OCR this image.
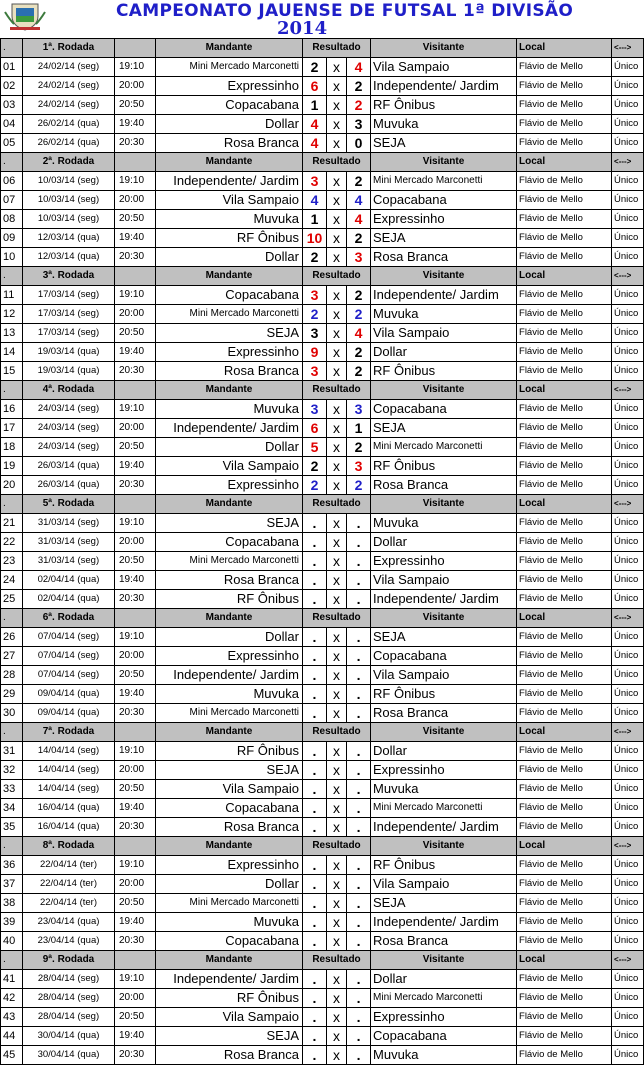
CAMPEONATO JAUENSE DE FUTSAL 1ª DIVISÃO
2014
.	1ª. Rodada		Mandante	Resultado			Visitante	Local	<--->
01	24/02/14 (seg)	19:10	Mini Mercado Marconetti	2	x	4	Vila Sampaio	Flávio de Mello	Único
02	24/02/14 (seg)	20:00	Expressinho	6	x	2	Independente/ Jardim	Flávio de Mello	Único
03	24/02/14 (seg)	20:50	Copacabana	1	x	2	RF Ônibus	Flávio de Mello	Único
04	26/02/14 (qua)	19:40	Dollar	4	x	3	Muvuka	Flávio de Mello	Único
05	26/02/14 (qua)	20:30	Rosa Branca	4	x	0	SEJA	Flávio de Mello	Único
.	2ª. Rodada		Mandante	Resultado			Visitante	Local	<--->
06	10/03/14 (seg)	19:10	Independente/ Jardim	3	x	2	Mini Mercado Marconetti	Flávio de Mello	Único
07	10/03/14 (seg)	20:00	Vila Sampaio	4	x	4	Copacabana	Flávio de Mello	Único
08	10/03/14 (seg)	20:50	Muvuka	1	x	4	Expressinho	Flávio de Mello	Único
09	12/03/14 (qua)	19:40	RF Ônibus	10	x	2	SEJA	Flávio de Mello	Único
10	12/03/14 (qua)	20:30	Dollar	2	x	3	Rosa Branca	Flávio de Mello	Único
.	3ª. Rodada		Mandante	Resultado			Visitante	Local	<--->
11	17/03/14 (seg)	19:10	Copacabana	3	x	2	Independente/ Jardim	Flávio de Mello	Único
12	17/03/14 (seg)	20:00	Mini Mercado Marconetti	2	x	2	Muvuka	Flávio de Mello	Único
13	17/03/14 (seg)	20:50	SEJA	3	x	4	Vila Sampaio	Flávio de Mello	Único
14	19/03/14 (qua)	19:40	Expressinho	9	x	2	Dollar	Flávio de Mello	Único
15	19/03/14 (qua)	20:30	Rosa Branca	3	x	2	RF Ônibus	Flávio de Mello	Único
.	4ª. Rodada		Mandante	Resultado			Visitante	Local	<--->
16	24/03/14 (seg)	19:10	Muvuka	3	x	3	Copacabana	Flávio de Mello	Único
17	24/03/14 (seg)	20:00	Independente/ Jardim	6	x	1	SEJA	Flávio de Mello	Único
18	24/03/14 (seg)	20:50	Dollar	5	x	2	Mini Mercado Marconetti	Flávio de Mello	Único
19	26/03/14 (qua)	19:40	Vila Sampaio	2	x	3	RF Ônibus	Flávio de Mello	Único
20	26/03/14 (qua)	20:30	Expressinho	2	x	2	Rosa Branca	Flávio de Mello	Único
.	5ª. Rodada		Mandante	Resultado			Visitante	Local	<--->
21	31/03/14 (seg)	19:10	SEJA	.	x	.	Muvuka	Flávio de Mello	Único
22	31/03/14 (seg)	20:00	Copacabana	.	x	.	Dollar	Flávio de Mello	Único
23	31/03/14 (seg)	20:50	Mini Mercado Marconetti	.	x	.	Expressinho	Flávio de Mello	Único
24	02/04/14 (qua)	19:40	Rosa Branca	.	x	.	Vila Sampaio	Flávio de Mello	Único
25	02/04/14 (qua)	20:30	RF Ônibus	.	x	.	Independente/ Jardim	Flávio de Mello	Único
.	6ª. Rodada		Mandante	Resultado			Visitante	Local	<--->
26	07/04/14 (seg)	19:10	Dollar	.	x	.	SEJA	Flávio de Mello	Único
27	07/04/14 (seg)	20:00	Expressinho	.	x	.	Copacabana	Flávio de Mello	Único
28	07/04/14 (seg)	20:50	Independente/ Jardim	.	x	.	Vila Sampaio	Flávio de Mello	Único
29	09/04/14 (qua)	19:40	Muvuka	.	x	.	RF Ônibus	Flávio de Mello	Único
30	09/04/14 (qua)	20:30	Mini Mercado Marconetti	.	x	.	Rosa Branca	Flávio de Mello	Único
.	7ª. Rodada		Mandante	Resultado			Visitante	Local	<--->
31	14/04/14 (seg)	19:10	RF Ônibus	.	x	.	Dollar	Flávio de Mello	Único
32	14/04/14 (seg)	20:00	SEJA	.	x	.	Expressinho	Flávio de Mello	Único
33	14/04/14 (seg)	20:50	Vila Sampaio	.	x	.	Muvuka	Flávio de Mello	Único
34	16/04/14 (qua)	19:40	Copacabana	.	x	.	Mini Mercado Marconetti	Flávio de Mello	Único
35	16/04/14 (qua)	20:30	Rosa Branca	.	x	.	Independente/ Jardim	Flávio de Mello	Único
.	8ª. Rodada		Mandante	Resultado			Visitante	Local	<--->
36	22/04/14 (ter)	19:10	Expressinho	.	x	.	RF Ônibus	Flávio de Mello	Único
37	22/04/14 (ter)	20:00	Dollar	.	x	.	Vila Sampaio	Flávio de Mello	Único
38	22/04/14 (ter)	20:50	Mini Mercado Marconetti	.	x	.	SEJA	Flávio de Mello	Único
39	23/04/14 (qua)	19:40	Muvuka	.	x	.	Independente/ Jardim	Flávio de Mello	Único
40	23/04/14 (qua)	20:30	Copacabana	.	x	.	Rosa Branca	Flávio de Mello	Único
.	9ª. Rodada		Mandante	Resultado			Visitante	Local	<--->
41	28/04/14 (seg)	19:10	Independente/ Jardim	.	x	.	Dollar	Flávio de Mello	Único
42	28/04/14 (seg)	20:00	RF Ônibus	.	x	.	Mini Mercado Marconetti	Flávio de Mello	Único
43	28/04/14 (seg)	20:50	Vila Sampaio	.	x	.	Expressinho	Flávio de Mello	Único
44	30/04/14 (qua)	19:40	SEJA	.	x	.	Copacabana	Flávio de Mello	Único
45	30/04/14 (qua)	20:30	Rosa Branca	.	x	.	Muvuka	Flávio de Mello	Único
